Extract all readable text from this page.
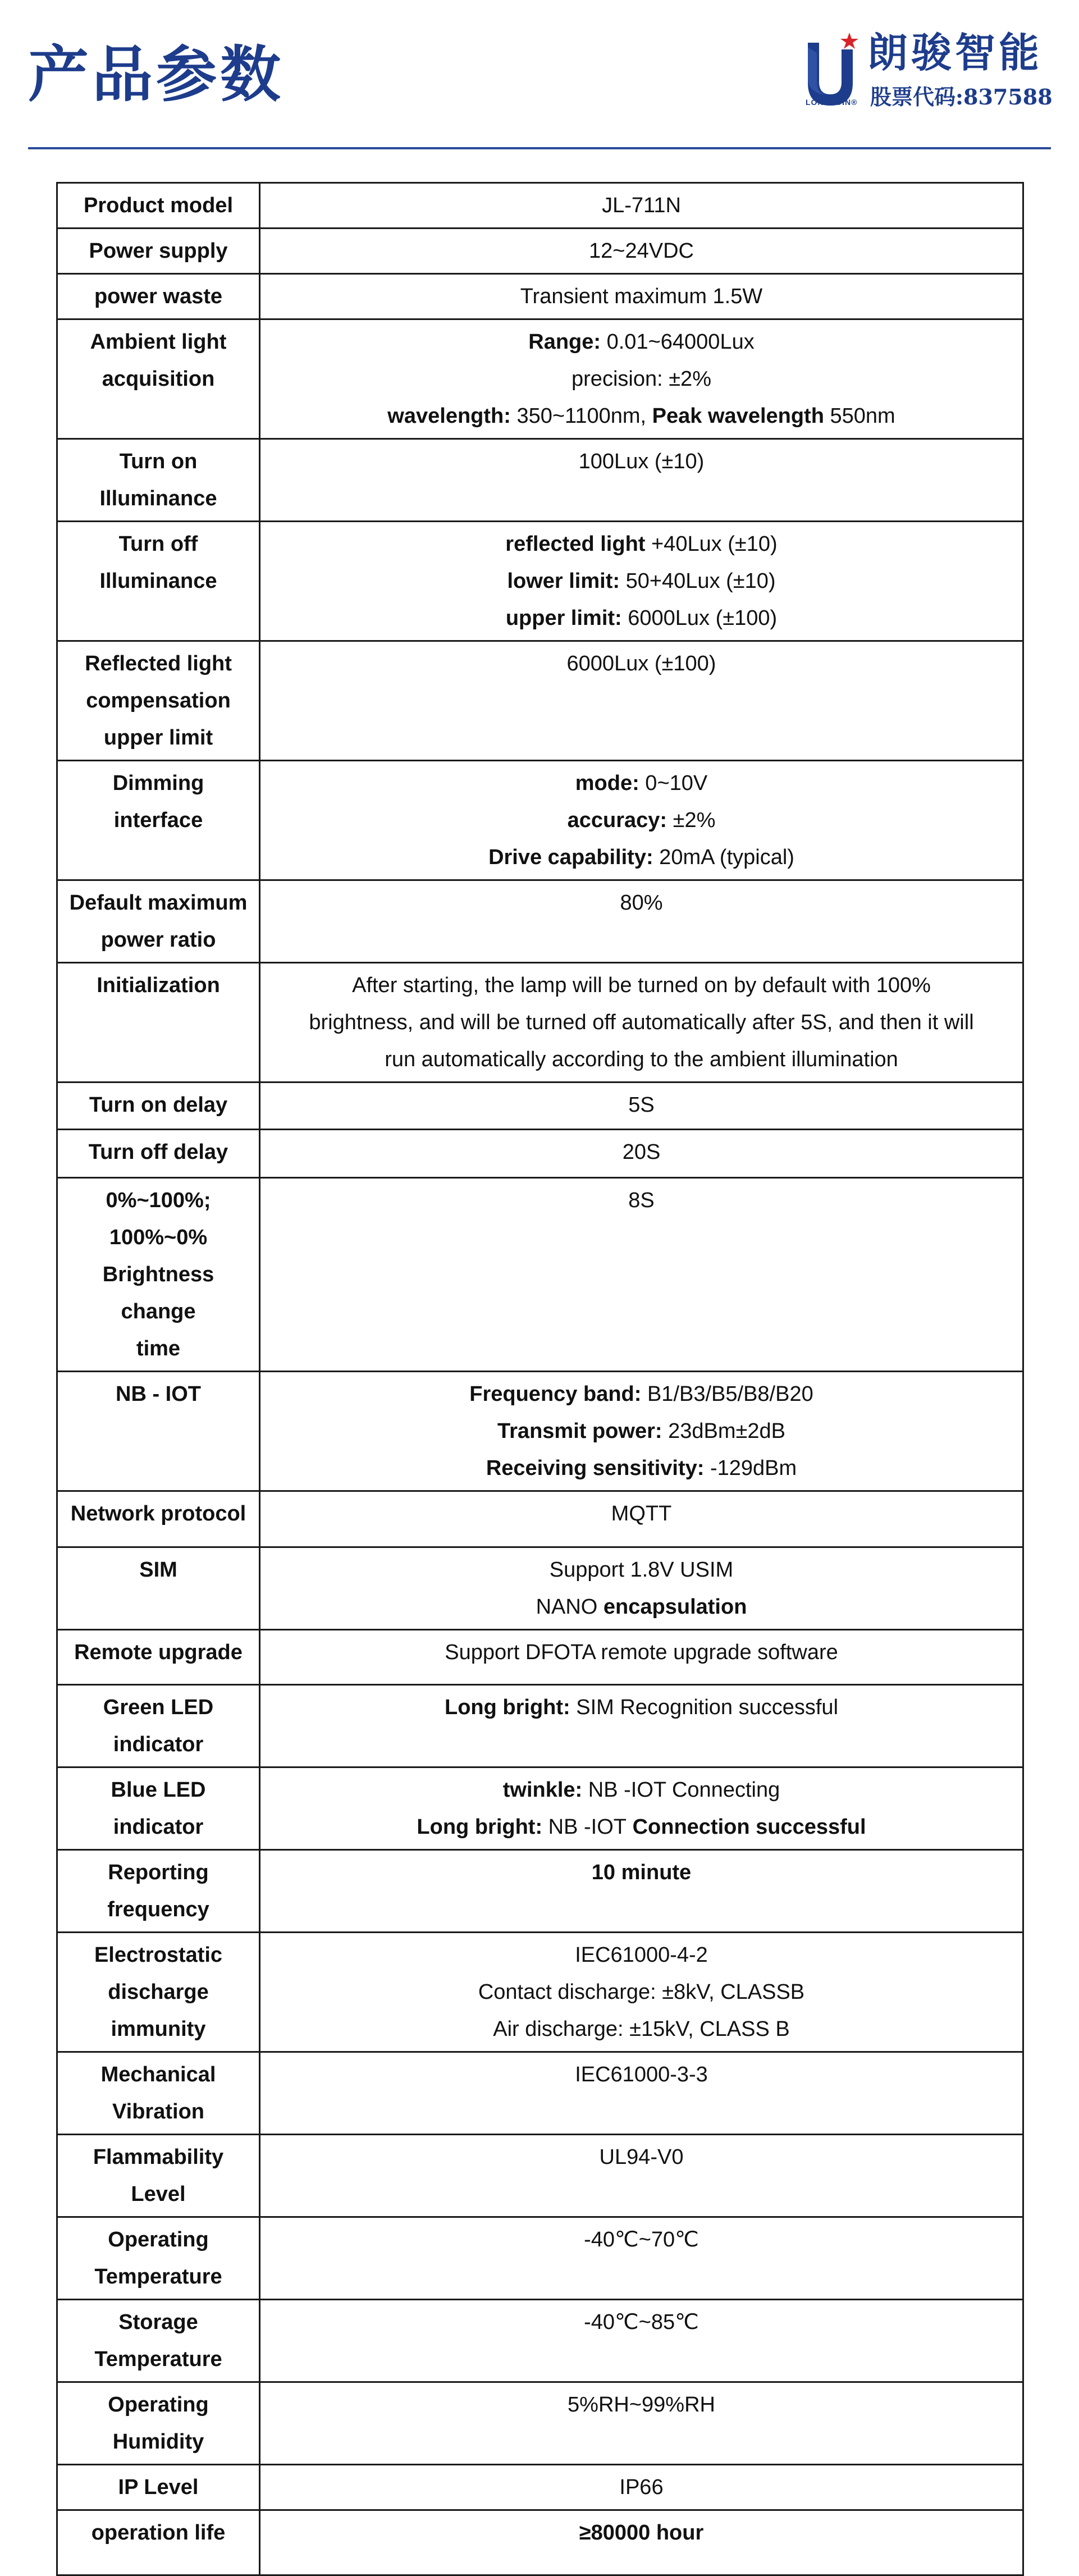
产品参数	朗骏智能
股票代码:837588
LONGJOIN®
Product model	JL-711N
Power supply	12~24VDC
power waste	Transient maximum 1.5W

Ambient light
acquisition	Range: 0.01~64000Lux
precision: ±2%
wavelength: 350~1100nm, Peak wavelength 550nm

Turn on
Illuminance	100Lux (±10)

Turn off
Illuminance	reflected light +40Lux (±10)
lower limit: 50+40Lux (±10)
upper limit: 6000Lux (±100)

Reflected light
compensation
upper limit	6000Lux (±100)
Dimming interface	mode: 0~10V
accuracy: ±2%
Drive capability: 20mA (typical)

Default maximum
power ratio	80%
Initialization	After starting, the lamp will be turned on by default with 100%
brightness, and will be turned off automatically after 5S, and then it will
run automatically according to the ambient illumination

Turn on delay	5S
Turn off delay	20S

0%~100%; 100%~0%
Brightness change
time	8S
NB - IOT	Frequency band: B1/B3/B5/B8/B20
Transmit power: 23dBm±2dB
Receiving sensitivity: -129dBm

Network protocol	MQTT
SIM	Support 1.8V USIM
NANO encapsulation

Remote upgrade	Support DFOTA remote upgrade software

Green LED
indicator	Long bright: SIM Recognition successful

Blue LED indicator	twinkle: NB -IOT Connecting
Long bright: NB -IOT Connection successful

Reporting
frequency	10 minute

Electrostatic
discharge
immunity	IEC61000-4-2
Contact discharge: ±8kV, CLASSB
Air discharge: ±15kV, CLASS B

Mechanical
Vibration	IEC61000-3-3
Flammability Level	UL94-V0

Operating
Temperature	-40℃~70℃

Storage
Temperature	-40℃~85℃

Operating
Humidity	5%RH~99%RH
IP Level	IP66
operation life	≥80000 hour
